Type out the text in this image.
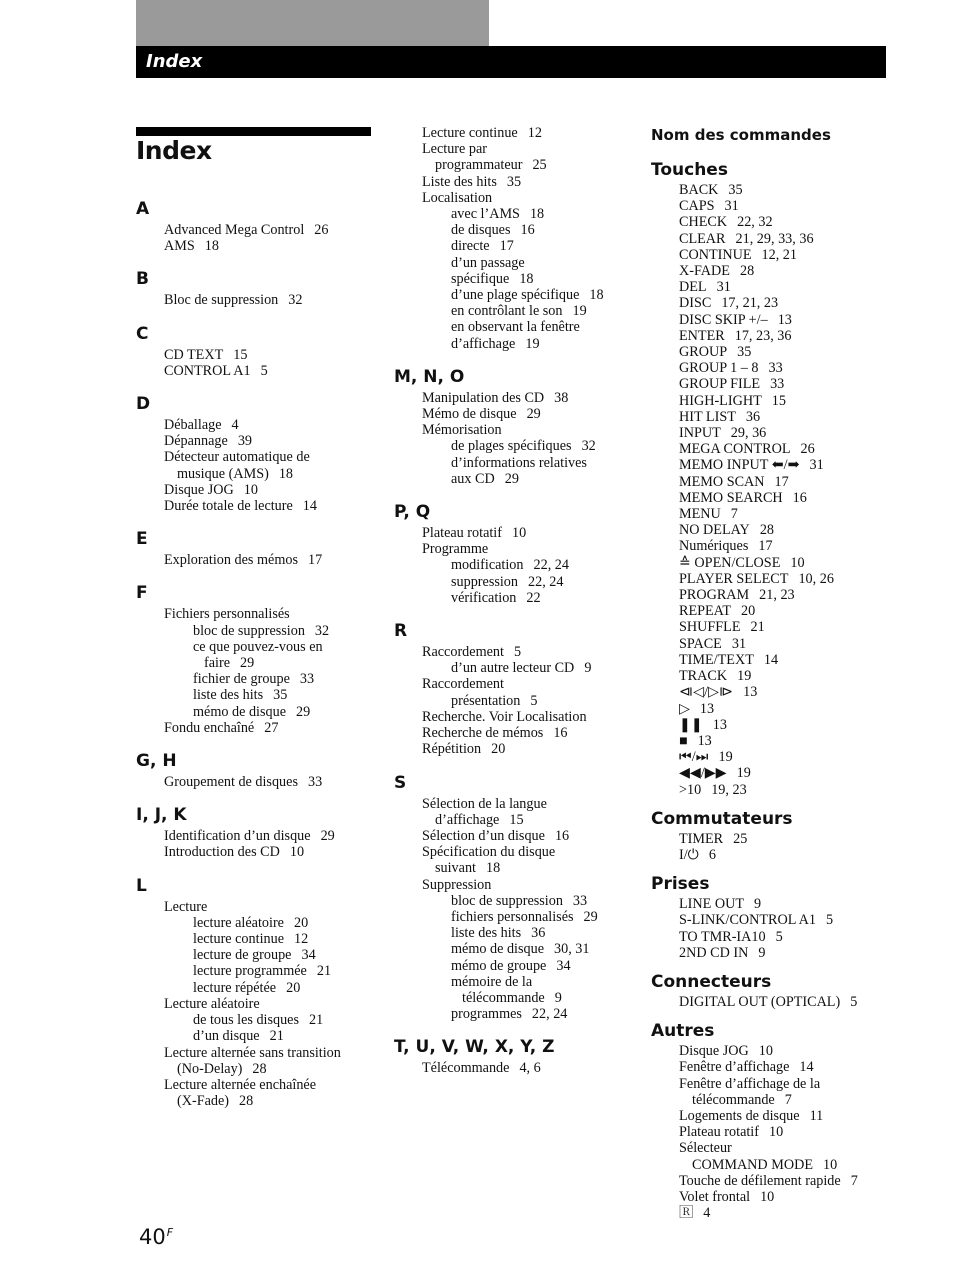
Index
Index
A
Advanced Mega Control 26
AMS 18
B
Bloc de suppression 32
C
CD TEXT 15
CONTROL A1 5
D
Déballage 4
Dépannage 39
Détecteur automatique de
musique (AMS) 18
Disque JOG 10
Durée totale de lecture 14
E
Exploration des mémos 17
F
Fichiers personnalisés
bloc de suppression 32
ce que pouvez-vous en
faire 29
fichier de groupe 33
liste des hits 35
mémo de disque 29
Fondu enchaîné 27
G, H
Groupement de disques 33
I, J, K
Identification d’un disque 29
Introduction des CD 10
L
Lecture
lecture aléatoire 20
lecture continue 12
lecture de groupe 34
lecture programmée 21
lecture répétée 20
Lecture aléatoire
de tous les disques 21
d’un disque 21
Lecture alternée sans transition
(No-Delay) 28
Lecture alternée enchaînée
(X-Fade) 28
Lecture continue 12
Lecture par
programmateur 25
Liste des hits 35
Localisation
avec l’AMS 18
de disques 16
directe 17
d’un passage
spécifique 18
d’une plage spécifique 18
en contrôlant le son 19
en observant la fenêtre
d’affichage 19
M, N, O
Manipulation des CD 38
Mémo de disque 29
Mémorisation
de plages spécifiques 32
d’informations relatives
aux CD 29
P, Q
Plateau rotatif 10
Programme
modification 22, 24
suppression 22, 24
vérification 22
R
Raccordement 5
d’un autre lecteur CD 9
Raccordement
présentation 5
Recherche. Voir Localisation
Recherche de mémos 16
Répétition 20
S
Sélection de la langue
d’affichage 15
Sélection d’un disque 16
Spécification du disque
suivant 18
Suppression
bloc de suppression 33
fichiers personnalisés 29
liste des hits 36
mémo de disque 30, 31
mémo de groupe 34
mémoire de la
télécommande 9
programmes 22, 24
T, U, V, W, X, Y, Z
Télécommande 4, 6
Nom des commandes
Touches
BACK 35
CAPS 31
CHECK 22, 32
CLEAR 21, 29, 33, 36
CONTINUE 12, 21
X-FADE 28
DEL 31
DISC 17, 21, 23
DISC SKIP +/– 13
ENTER 17, 23, 36
GROUP 35
GROUP 1 – 8 33
GROUP FILE 33
HIGH-LIGHT 15
HIT LIST 36
INPUT 29, 36
MEGA CONTROL 26
MEMO INPUT ⬅/➡ 31
MEMO SCAN 17
MEMO SEARCH 16
MENU 7
NO DELAY 28
Numériques 17
≙ OPEN/CLOSE 10
PLAYER SELECT 10, 26
PROGRAM 21, 23
REPEAT 20
SHUFFLE 21
SPACE 31
TIME/TEXT 14
TRACK 19
⧏◁/▷⧐ 13
▷ 13
❚❚ 13
■ 13
⏮/⏭ 19
◀◀/▶▶ 19
>10 19, 23
Commutateurs
TIMER 25
I/⏻ 6
Prises
LINE OUT 9
S-LINK/CONTROL A1 5
TO TMR-IA10 5
2ND CD IN 9
Connecteurs
DIGITAL OUT (OPTICAL) 5
Autres
Disque JOG 10
Fenêtre d’affichage 14
Fenêtre d’affichage de la
télécommande 7
Logements de disque 11
Plateau rotatif 10
Sélecteur
COMMAND MODE 10
Touche de défilement rapide 7
Volet frontal 10
🅁 4
$40^F$
